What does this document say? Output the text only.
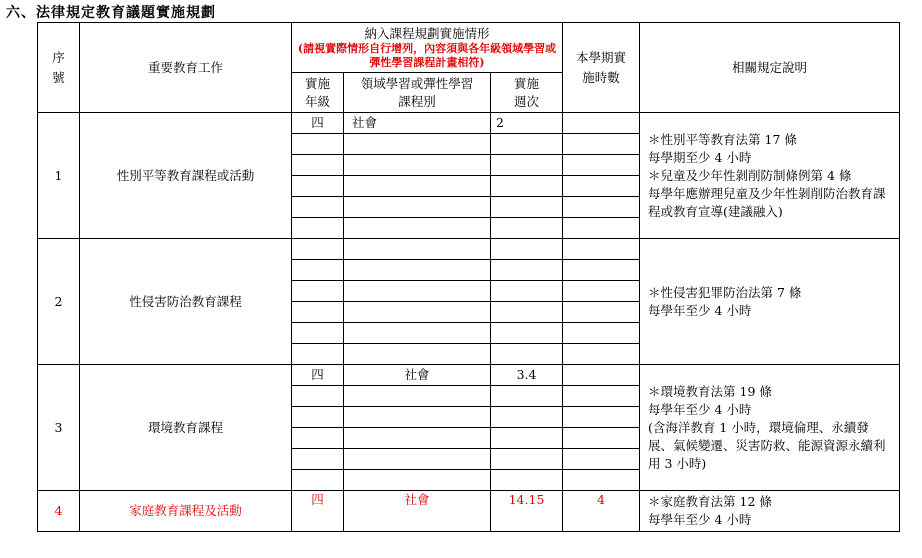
六、法律規定教育議題實施規劃
序號	重要教育工作	納入課程規劃實施情形
(請視實際情形自行增列，內容須與各年級領域學習或彈性學習課程計畫相符)			本學期實施時數	相關規定說明
		實施年級	領域學習或彈性學習課程別	實施週次		
1	性別平等教育課程或活動	四	社會	2		＊性別平等教育法第 17 條
每學期至少 4 小時
＊兒童及少年性剝削防制條例第 4 條
每學年應辦理兒童及少年性剝削防治教育課程或教育宣導(建議融入)

2	性侵害防治教育課程					＊性侵害犯罪防治法第 7 條
每學年至少 4 小時

3	環境教育課程	四	社會	3.4		＊環境教育法第 19 條
每學年至少 4 小時
(含海洋教育 1 小時，環境倫理、永續發展、氣候變遷、災害防救、能源資源永續利用 3 小時)

4	家庭教育課程及活動	四	社會	14.15	4	＊家庭教育法第 12 條
每學年至少 4 小時
